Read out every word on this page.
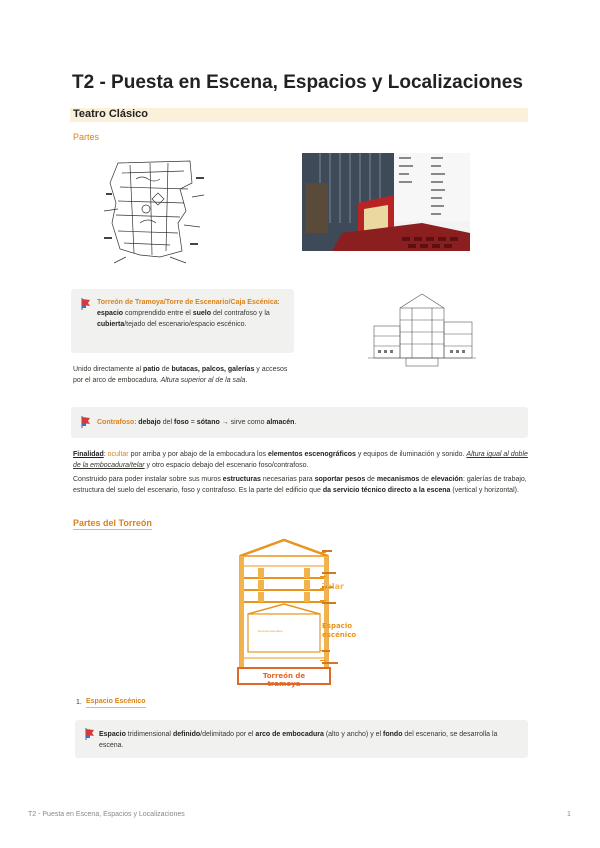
T2 - Puesta en Escena, Espacios y Localizaciones
Teatro Clásico
Partes
Torreón de Tramoya/Torre de Escenario/Caja Escénica: espacio comprendido entre el suelo del contrafoso y la cubierta/tejado del escenario/espacio escénico.
Unido directamente al patio de butacas, palcos, galerías y accesos por el arco de embocadura. Altura superior al de la sala.
Contrafoso: debajo del foso = sótano → sirve como almacén.
Finalidad: ocultar por arriba y por abajo de la embocadura los elementos escenográficos y equipos de iluminación y sonido. Altura igual al doble de la embocadura/telar y otro espacio debajo del escenario foso/contrafoso.
Construido para poder instalar sobre sus muros estructuras necesarias para soportar pesos de mecanismos de elevación: galerías de trabajo, estructura del suelo del escenario, foso y contrafoso. Es la parte del edificio que da servicio técnico directo a la escena (vertical y horizontal).
Partes del Torreón
Telar
Espacio
escénico
boca de escenario
Torreón de tramoya
1. Espacio Escénico
Espacio tridimensional definido/delimitado por el arco de embocadura (alto y ancho) y el fondo del escenario, se desarrolla la escena.
T2 - Puesta en Escena, Espacios y Localizaciones	1
